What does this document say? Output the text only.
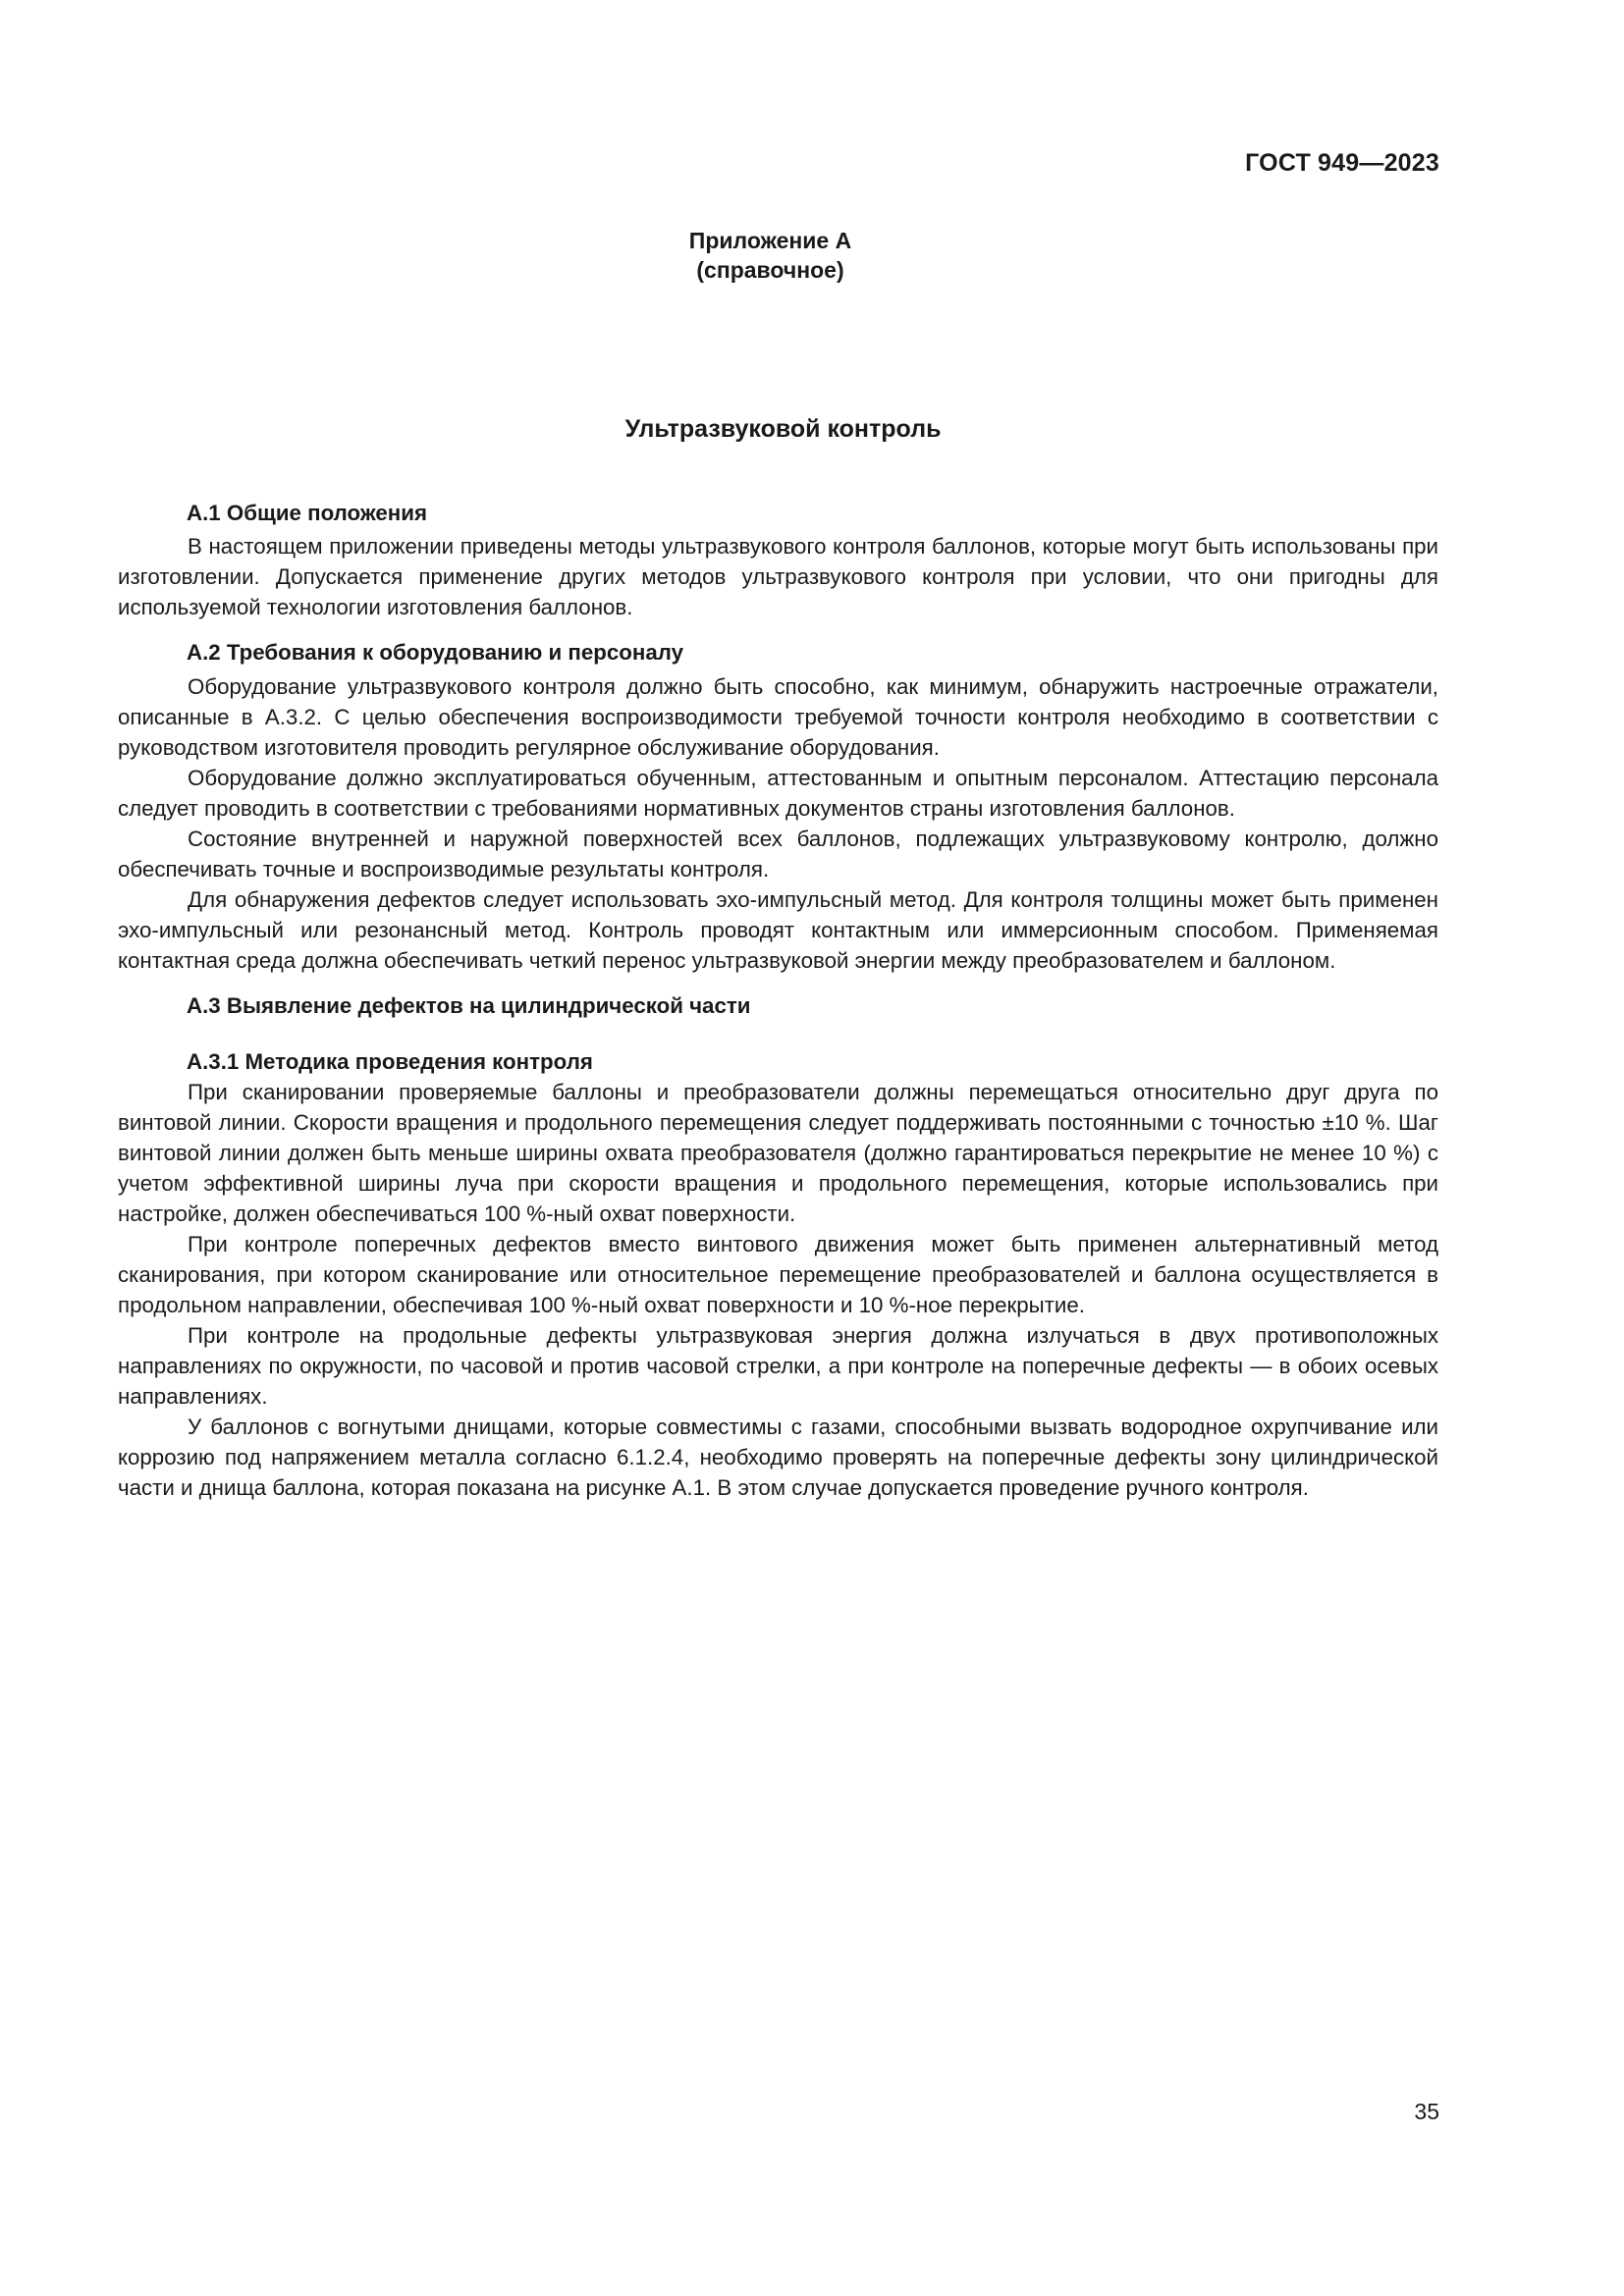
ГОСТ 949—2023
Приложение А
(справочное)
Ультразвуковой контроль

А.1 Общие положения

В настоящем приложении приведены методы ультразвукового контроля баллонов, которые могут быть использованы при изготовлении. Допускается применение других методов ультразвукового контроля при условии, что они пригодны для используемой технологии изготовления баллонов.

А.2 Требования к оборудованию и персоналу

Оборудование ультразвукового контроля должно быть способно, как минимум, обнаружить настроечные отражатели, описанные в А.3.2. С целью обеспечения воспроизводимости требуемой точности контроля необходимо в соответствии с руководством изготовителя проводить регулярное обслуживание оборудования.

Оборудование должно эксплуатироваться обученным, аттестованным и опытным персоналом. Аттестацию персонала следует проводить в соответствии с требованиями нормативных документов страны изготовления баллонов.

Состояние внутренней и наружной поверхностей всех баллонов, подлежащих ультразвуковому контролю, должно обеспечивать точные и воспроизводимые результаты контроля.

Для обнаружения дефектов следует использовать эхо-импульсный метод. Для контроля толщины может быть применен эхо-импульсный или резонансный метод. Контроль проводят контактным или иммерсионным способом. Применяемая контактная среда должна обеспечивать четкий перенос ультразвуковой энергии между преобразователем и баллоном.

А.3 Выявление дефектов на цилиндрической части

А.3.1 Методика проведения контроля

При сканировании проверяемые баллоны и преобразователи должны перемещаться относительно друг друга по винтовой линии. Скорости вращения и продольного перемещения следует поддерживать постоянными с точностью ±10 %. Шаг винтовой линии должен быть меньше ширины охвата преобразователя (должно гарантироваться перекрытие не менее 10 %) с учетом эффективной ширины луча при скорости вращения и продольного перемещения, которые использовались при настройке, должен обеспечиваться 100 %-ный охват поверхности.

При контроле поперечных дефектов вместо винтового движения может быть применен альтернативный метод сканирования, при котором сканирование или относительное перемещение преобразователей и баллона осуществляется в продольном направлении, обеспечивая 100 %-ный охват поверхности и 10 %-ное перекрытие.

При контроле на продольные дефекты ультразвуковая энергия должна излучаться в двух противоположных направлениях по окружности, по часовой и против часовой стрелки, а при контроле на поперечные дефекты — в обоих осевых направлениях.

У баллонов с вогнутыми днищами, которые совместимы с газами, способными вызвать водородное охрупчивание или коррозию под напряжением металла согласно 6.1.2.4, необходимо проверять на поперечные дефекты зону цилиндрической части и днища баллона, которая показана на рисунке А.1. В этом случае допускается проведение ручного контроля.

35
